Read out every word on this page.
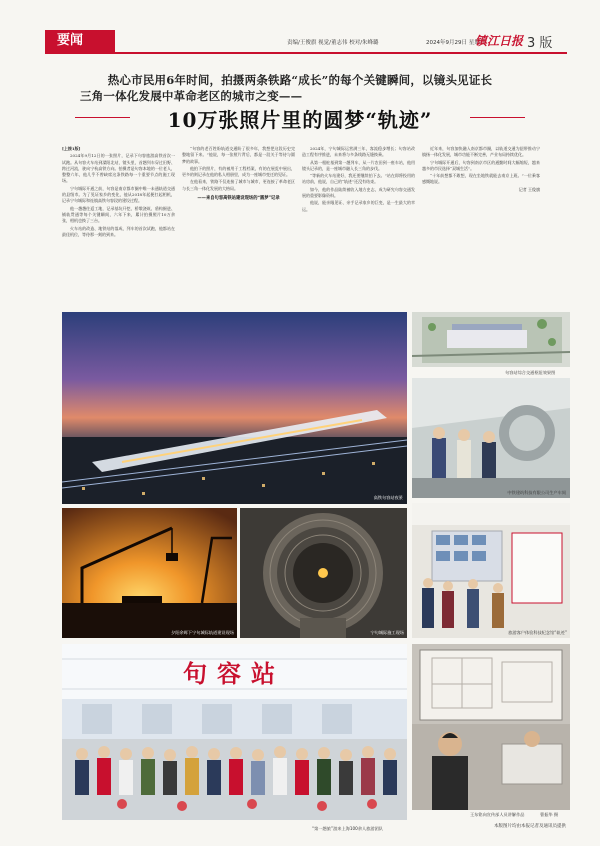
要闻	责编/王俊旗 视觉/董志伟 校对/朱峰璐	2024年9月29日 星期日
镇江日报 3 版
热心市民用6年时间，拍摄两条铁路“成长”的每个关键瞬间，以镜头见证长
三角一体化发展中革命老区的城市之变——
10万张照片里的圆梦“轨迹”

[上接1版]

2024年9月12日的一张照片，记录下句容旅游高铁首次一试跑。从句容火车站到溧阳北站，镜头里，首趟列车穿过田野、跨过河流，驶向宁杭高铁方向。拍摄者是句容本地的一位老人，整整六年，他几乎不曾缺席这条铁路每一个重要节点的施工现场。

宁句城际开通之前，句容是南京都市圈中唯一未通轨道交通的县级市。为了见证家乡的变化，他从2018年起便扛起相机，记录宁句城际和连镇高铁句容段的建设过程。

他一趟趟往返工地，记录基坑开挖、桥墩浇筑、盾构掘进、铺轨贯通等每个关键瞬间，六年下来，累计拍摄照片10万余张，相机也换了三台。

火车站的改造、地铁站的落成、列车的首次试跑，他都站在最佳机位，等待那一刻的到来。

“句容的老百姓盼轨道交通盼了很多年，我想把这段历史完整地留下来。”他说，每一张照片背后，都是一段关于等待与圆梦的故事。

他拍下的照片，有的被用于工程档案，有的在展览中展出，更多的则记录在他的私人相册里，成为一座城市变迁的见证。

在他看来，铁路不仅连接了城市与城市，更连接了革命老区与长三角一体化发展的大格局。

——来自句容高铁站建设现场的“圆梦”记录

2024年，宁句城际运营满三年，客流稳步增长；句容站改造工程有序推进，未来将与多条线路无缝换乘。

从第一根桩基到第一趟列车，从一片农田到一座车站，他用镜头记录的，是一座城市融入长三角的步伐。

“等新的火车站建好，我还要继续拍下去。”站在即将投用的站房前，他说，自己的“轨迹”还没有结束。

如今，他的作品陆续被收入地方史志，成为研究句容交通发展的重要影像资料。

他说，能亲眼见证、亲手记录家乡的巨变，是一生最大的幸运。

近年来，句容加快融入南京都市圈，以轨道交通为纽带推动宁镇扬一体化发展，城市功能不断完善，产业布局持续优化。

宁句城际开通后，句容到南京市区的通勤时间大幅缩短，越来越多的市民选择“双城生活”。

“十年前想都不敢想，现在坐地铁就能去南京上班。”一位乘客感慨地说。

记者 王俊旗

高铁句容站夜景
句容站综合交通枢纽效果图
中铁建筑科技有限公司生产车间
夕阳余晖下宁句城际轨道建设现场	宁句城际施工现场	旅游客户体验科技纪念馆“轨迹”
句容站
“第一趟旅”游来上海100余人旅游团队
王东铭向宣传部人员讲解作品	曹振华 摄
本版图片均由本报记者及通讯员提供
